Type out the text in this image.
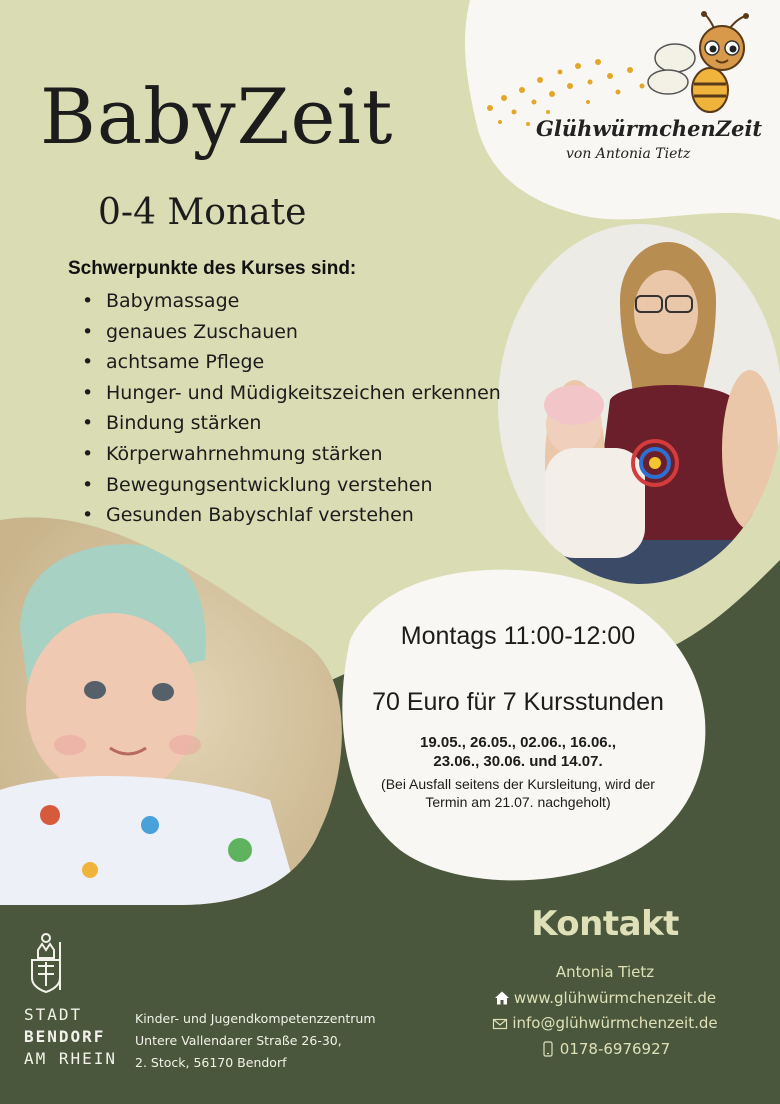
BabyZeit
0-4 Monate
GlühwürmchenZeit
von Antonia Tietz
Schwerpunkte des Kurses sind:
• Babymassage
• genaues Zuschauen
• achtsame Pflege
• Hunger- und Müdigkeitszeichen erkennen
• Bindung stärken
• Körperwahrnehmung stärken
• Bewegungsentwicklung verstehen
• Gesunden Babyschlaf verstehen
Montags 11:00-12:00
70 Euro für 7 Kursstunden
19.05., 26.05., 02.06., 16.06.,
23.06., 30.06. und 14.07.
(Bei Ausfall seitens der Kursleitung, wird der
Termin am 21.07. nachgeholt)
STADT
BENDORF
AM RHEIN
Kinder- und Jugendkompetenzzentrum
Untere Vallendarer Straße 26-30,
2. Stock, 56170 Bendorf
Kontakt
Antonia Tietz
www.glühwürmchenzeit.de
info@glühwürmchenzeit.de
0178-6976927
